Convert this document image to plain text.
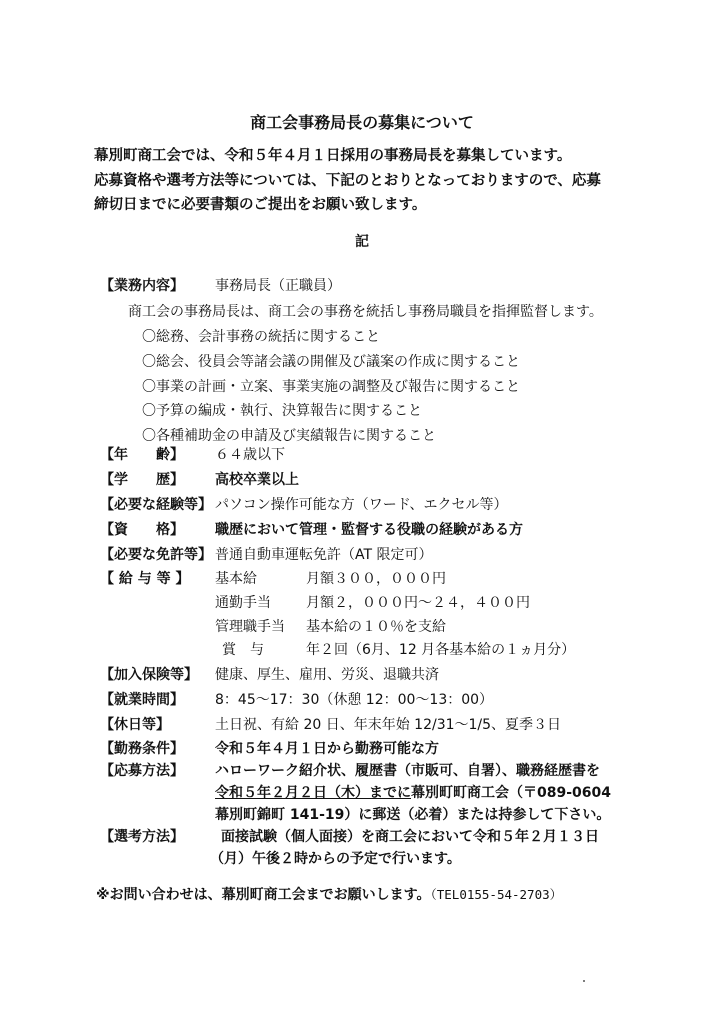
商工会事務局長の募集について
幕別町商工会では、令和５年４月１日採用の事務局長を募集しています。
応募資格や選考方法等については、下記のとおりとなっておりますので、応募
締切日までに必要書類のご提出をお願い致します。
記
【業務内容】 事務局長（正職員）
商工会の事務局長は、商工会の事務を統括し事務局職員を指揮監督します。
〇総務、会計事務の統括に関すること
〇総会、役員会等諸会議の開催及び議案の作成に関すること
〇事業の計画・立案、事業実施の調整及び報告に関すること
〇予算の編成・執行、決算報告に関すること
〇各種補助金の申請及び実績報告に関すること
【年　　齢】 ６４歳以下
【学　　歴】 高校卒業以上
【必要な経験等】 パソコン操作可能な方（ワード、エクセル等）
【資　　格】 職歴において管理・監督する役職の経験がある方
【必要な免許等】 普通自動車運転免許（AT 限定可）
【 給 与 等 】 基本給	月額３００，０００円
通勤手当	月額２，０００円～２４，４００円
管理職手当 基本給の１０％を支給
賞　与	年２回（6月、12 月各基本給の１ヵ月分）
【加入保険等】 健康、厚生、雇用、労災、退職共済
【就業時間】 8：45～17：30（休憩 12：00～13：00）
【休日等】	土日祝、有給 20 日、年末年始 12/31～1/5、夏季３日
【勤務条件】 令和５年４月１日から勤務可能な方
【応募方法】 ハローワーク紹介状、履歴書（市販可、自署）、職務経歴書を
令和５年２月２日（木）までに幕別町町商工会（〒089-0604
幕別町錦町 141-19）に郵送（必着）または持参して下さい。
【選考方法】	面接試験（個人面接）を商工会において令和５年２月１３日
（月）午後２時からの予定で行います。
※お問い合わせは、幕別町商工会までお願いします。（TEL0155-54-2703）
